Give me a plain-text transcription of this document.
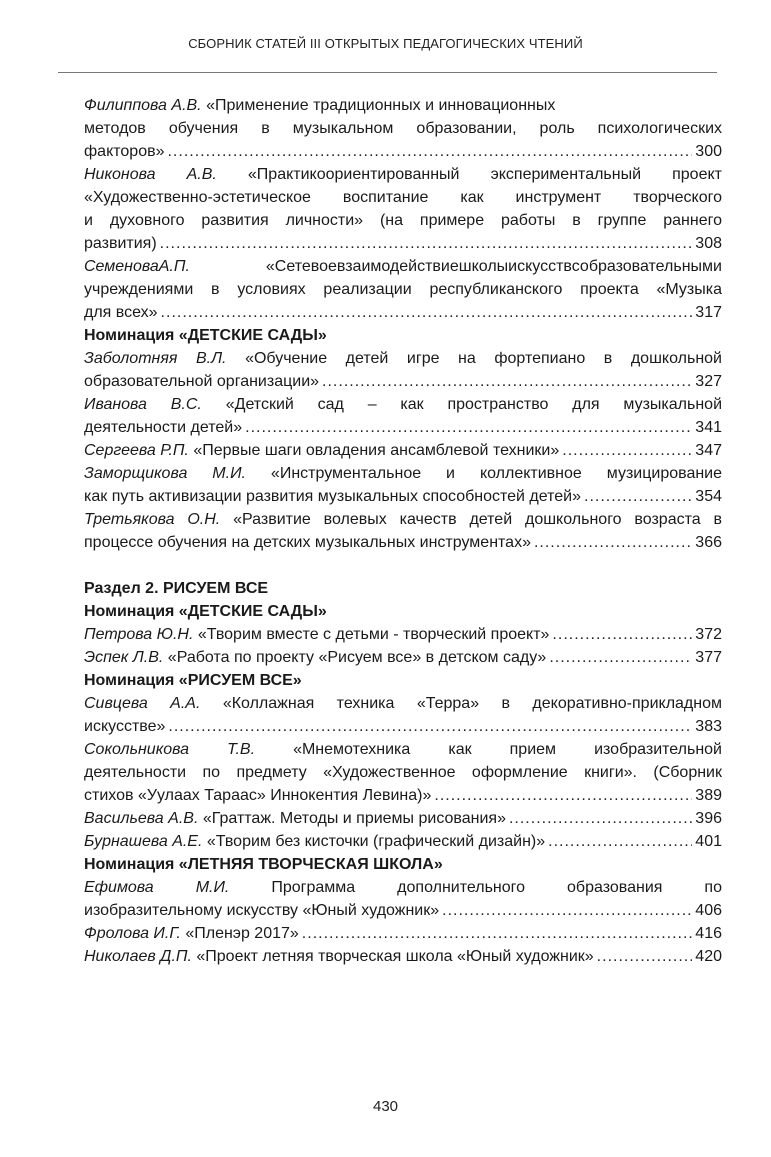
СБОРНИК СТАТЕЙ III ОТКРЫТЫХ ПЕДАГОГИЧЕСКИХ ЧТЕНИЙ
Филиппова А.В. «Применение традиционных и инновационных
методов обучения в музыкальном образовании, роль психологических
факторов» .....	300
Никонова А.В. «Практикоориентированный экспериментальный проект
«Художественно-эстетическое воспитание как инструмент творческого
и духовного развития личности» (на примере работы в группе раннего
развития) .....	308
СеменоваА.П. «Сетевоевзаимодействиешколыискусствсобразовательными
учреждениями в условиях реализации республиканского проекта «Музыка
для всех» .....	317
Номинация «ДЕТСКИЕ САДЫ»
Заболотняя В.Л. «Обучение детей игре на фортепиано в дошкольной
образовательной организации» .....	327
Иванова В.С. «Детский сад – как пространство для музыкальной
деятельности детей» .....	341
Сергеева Р.П. «Первые шаги овладения ансамблевой техники» .....	347
Заморщикова М.И. «Инструментальное и коллективное музицирование
как путь активизации развития музыкальных способностей детей» .....	354
Третьякова О.Н. «Развитие волевых качеств детей дошкольного возраста в
процессе обучения на детских музыкальных инструментах» .....	366
Раздел 2. РИСУЕМ ВСЕ
Номинация «ДЕТСКИЕ САДЫ»
Петрова Ю.Н. «Творим вместе с детьми - творческий проект» .....	372
Эспек Л.В. «Работа по проекту «Рисуем все» в детском саду» .....	377
Номинация «РИСУЕМ ВСЕ»
Сивцева А.А. «Коллажная техника «Терра» в декоративно-прикладном
искусстве» .....	383
Сокольникова Т.В. «Мнемотехника как прием изобразительной
деятельности по предмету «Художественное оформление книги». (Сборник
стихов «Уулаах Тараас» Иннокентия Левина)» .....	389
Васильева А.В. «Граттаж. Методы и приемы рисования» .....	396
Бурнашева А.Е. «Творим без кисточки (графический дизайн)» .....	401
Номинация «ЛЕТНЯЯ ТВОРЧЕСКАЯ ШКОЛА»
Ефимова М.И. Программа дополнительного образования по
изобразительному искусству «Юный художник» .....	406
Фролова И.Г. «Пленэр 2017» .....	416
Николаев Д.П. «Проект летняя творческая школа «Юный художник» .....	420
430
